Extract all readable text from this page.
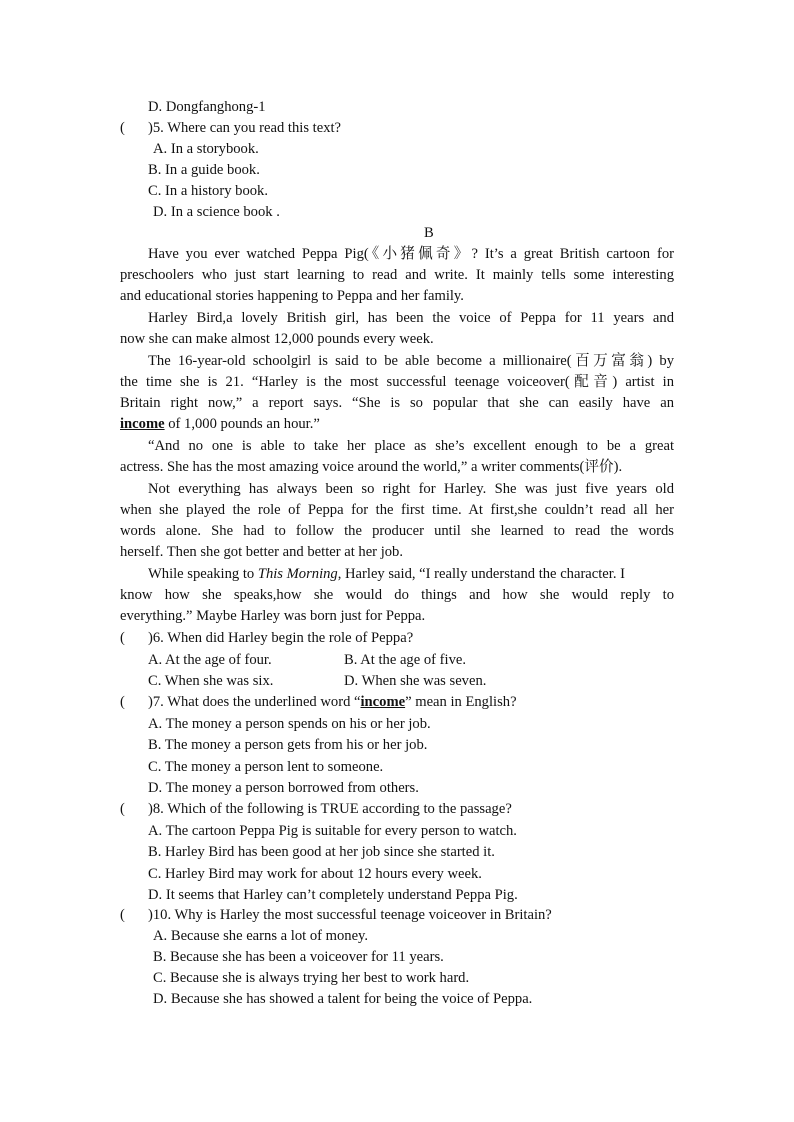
D. Dongfanghong-1
( )5. Where can you read this text?
A. In a storybook.
B. In a guide book.
C. In a history book.
D. In a science book .
B
Have you ever watched Peppa Pig(《小猪佩奇》? It’s a great British cartoon for
preschoolers who just start learning to read and write. It mainly tells some interesting
and educational stories happening to Peppa and her family.
Harley Bird,a lovely British girl, has been the voice of Peppa for 11 years and
now she can make almost 12,000 pounds every week.
The 16-year-old schoolgirl is said to be able become a millionaire(百万富翁) by
the time she is 21. “Harley is the most successful teenage voiceover(配音) artist in
Britain right now,” a report says. “She is so popular that she can easily have an
income of 1,000 pounds an hour.”
“And no one is able to take her place as she’s excellent enough to be a great
actress. She has the most amazing voice around the world,” a writer comments(评价).
Not everything has always been so right for Harley. She was just five years old
when she played the role of Peppa for the first time. At first,she couldn’t read all her
words alone. She had to follow the producer until she learned to read the words
herself. Then she got better and better at her job.
While speaking to This Morning, Harley said, “I really understand the character. I
know how she speaks,how she would do things and how she would reply to
everything.” Maybe Harley was born just for Peppa.
( )6. When did Harley begin the role of Peppa?
A. At the age of four.	B. At the age of five.
C. When she was six.	D. When she was seven.
( )7. What does the underlined word “income” mean in English?
A. The money a person spends on his or her job.
B. The money a person gets from his or her job.
C. The money a person lent to someone.
D. The money a person borrowed from others.
( )8. Which of the following is TRUE according to the passage?
A. The cartoon Peppa Pig is suitable for every person to watch.
B. Harley Bird has been good at her job since she started it.
C. Harley Bird may work for about 12 hours every week.
D. It seems that Harley can’t completely understand Peppa Pig.
( )10. Why is Harley the most successful teenage voiceover in Britain?
A. Because she earns a lot of money.
B. Because she has been a voiceover for 11 years.
C. Because she is always trying her best to work hard.
D. Because she has showed a talent for being the voice of Peppa.
